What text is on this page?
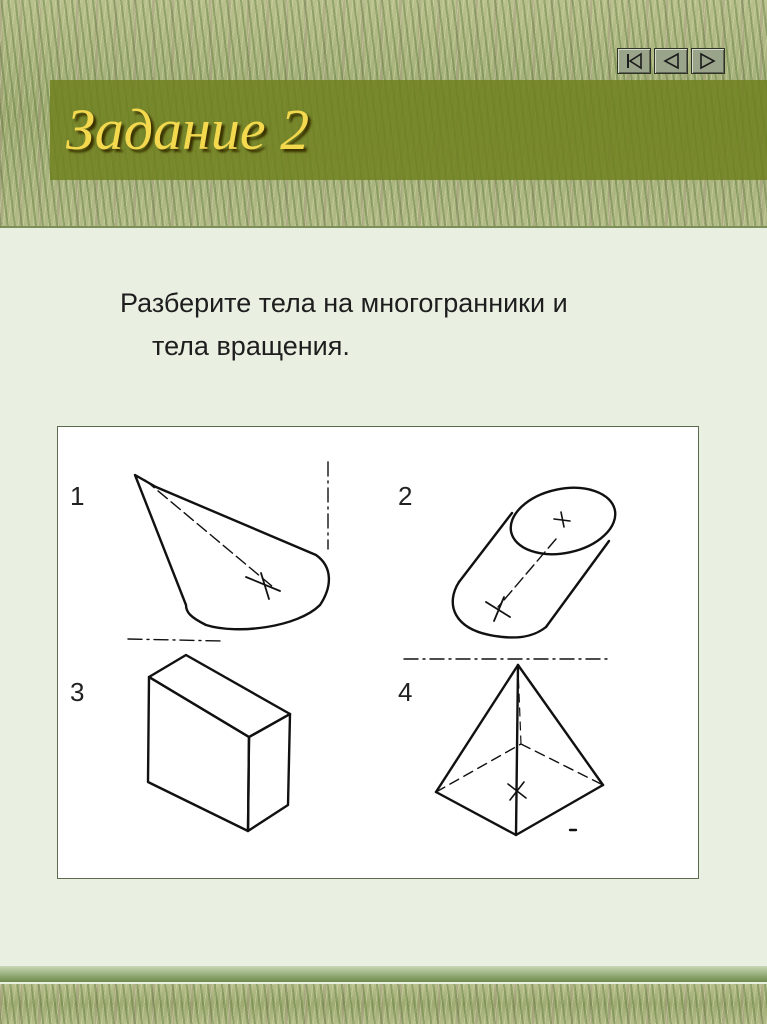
Задание 2
Разберите тела на многогранники и
тела вращения.
1	2
3	4
